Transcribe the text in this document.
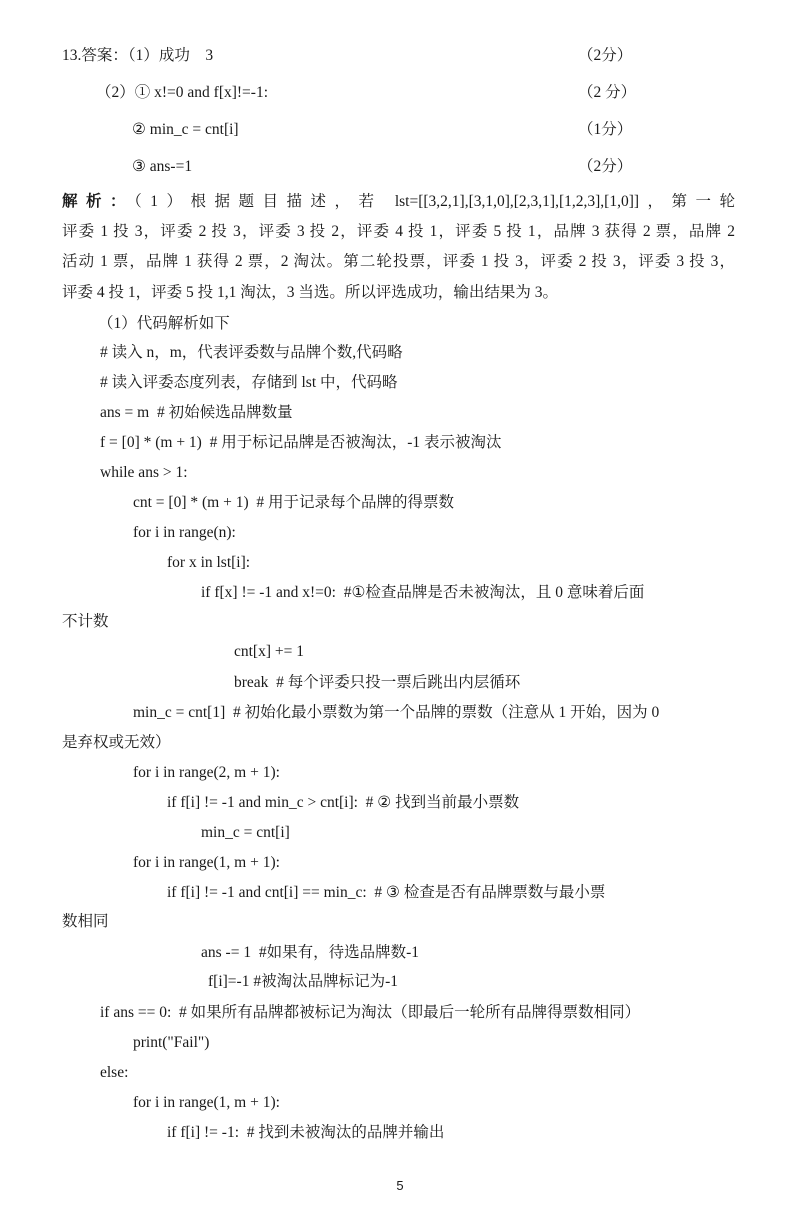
13.答案：（1）成功　3	（2分）
（2）① x!=0 and f[x]!=-1:	（2 分）
② min_c = cnt[i]	（1分）
③ ans-=1	（2分）
解析：（1）根据题目描述，若 lst=[[3,2,1],[3,1,0],[2,3,1],[1,2,3],[1,0]]，第一轮
评委 1 投 3，评委 2 投 3，评委 3 投 2，评委 4 投 1，评委 5 投 1，品牌 3 获得 2 票，品牌 2
活动 1 票，品牌 1 获得 2 票，2 淘汰。第二轮投票，评委 1 投 3，评委 2 投 3，评委 3 投 3，
评委 4 投 1，评委 5 投 1,1 淘汰，3 当选。所以评选成功，输出结果为 3。
（1）代码解析如下
# 读入 n，m，代表评委数与品牌个数,代码略
# 读入评委态度列表，存储到 lst 中，代码略
ans = m  # 初始候选品牌数量
f = [0] * (m + 1)  # 用于标记品牌是否被淘汰，-1 表示被淘汰
while ans > 1:
cnt = [0] * (m + 1)  # 用于记录每个品牌的得票数
for i in range(n):
for x in lst[i]:
if f[x] != -1 and x!=0:  #①检查品牌是否未被淘汰，且 0 意味着后面
不计数
cnt[x] += 1
break  # 每个评委只投一票后跳出内层循环
min_c = cnt[1]  # 初始化最小票数为第一个品牌的票数（注意从 1 开始，因为 0
是弃权或无效）
for i in range(2, m + 1):
if f[i] != -1 and min_c > cnt[i]:  # ② 找到当前最小票数
min_c = cnt[i]
for i in range(1, m + 1):
if f[i] != -1 and cnt[i] == min_c:  # ③ 检查是否有品牌票数与最小票
数相同
ans -= 1  #如果有，待选品牌数-1
f[i]=-1 #被淘汰品牌标记为-1
if ans == 0:  # 如果所有品牌都被标记为淘汰（即最后一轮所有品牌得票数相同）
print("Fail")
else:
for i in range(1, m + 1):
if f[i] != -1:  # 找到未被淘汰的品牌并输出
5
